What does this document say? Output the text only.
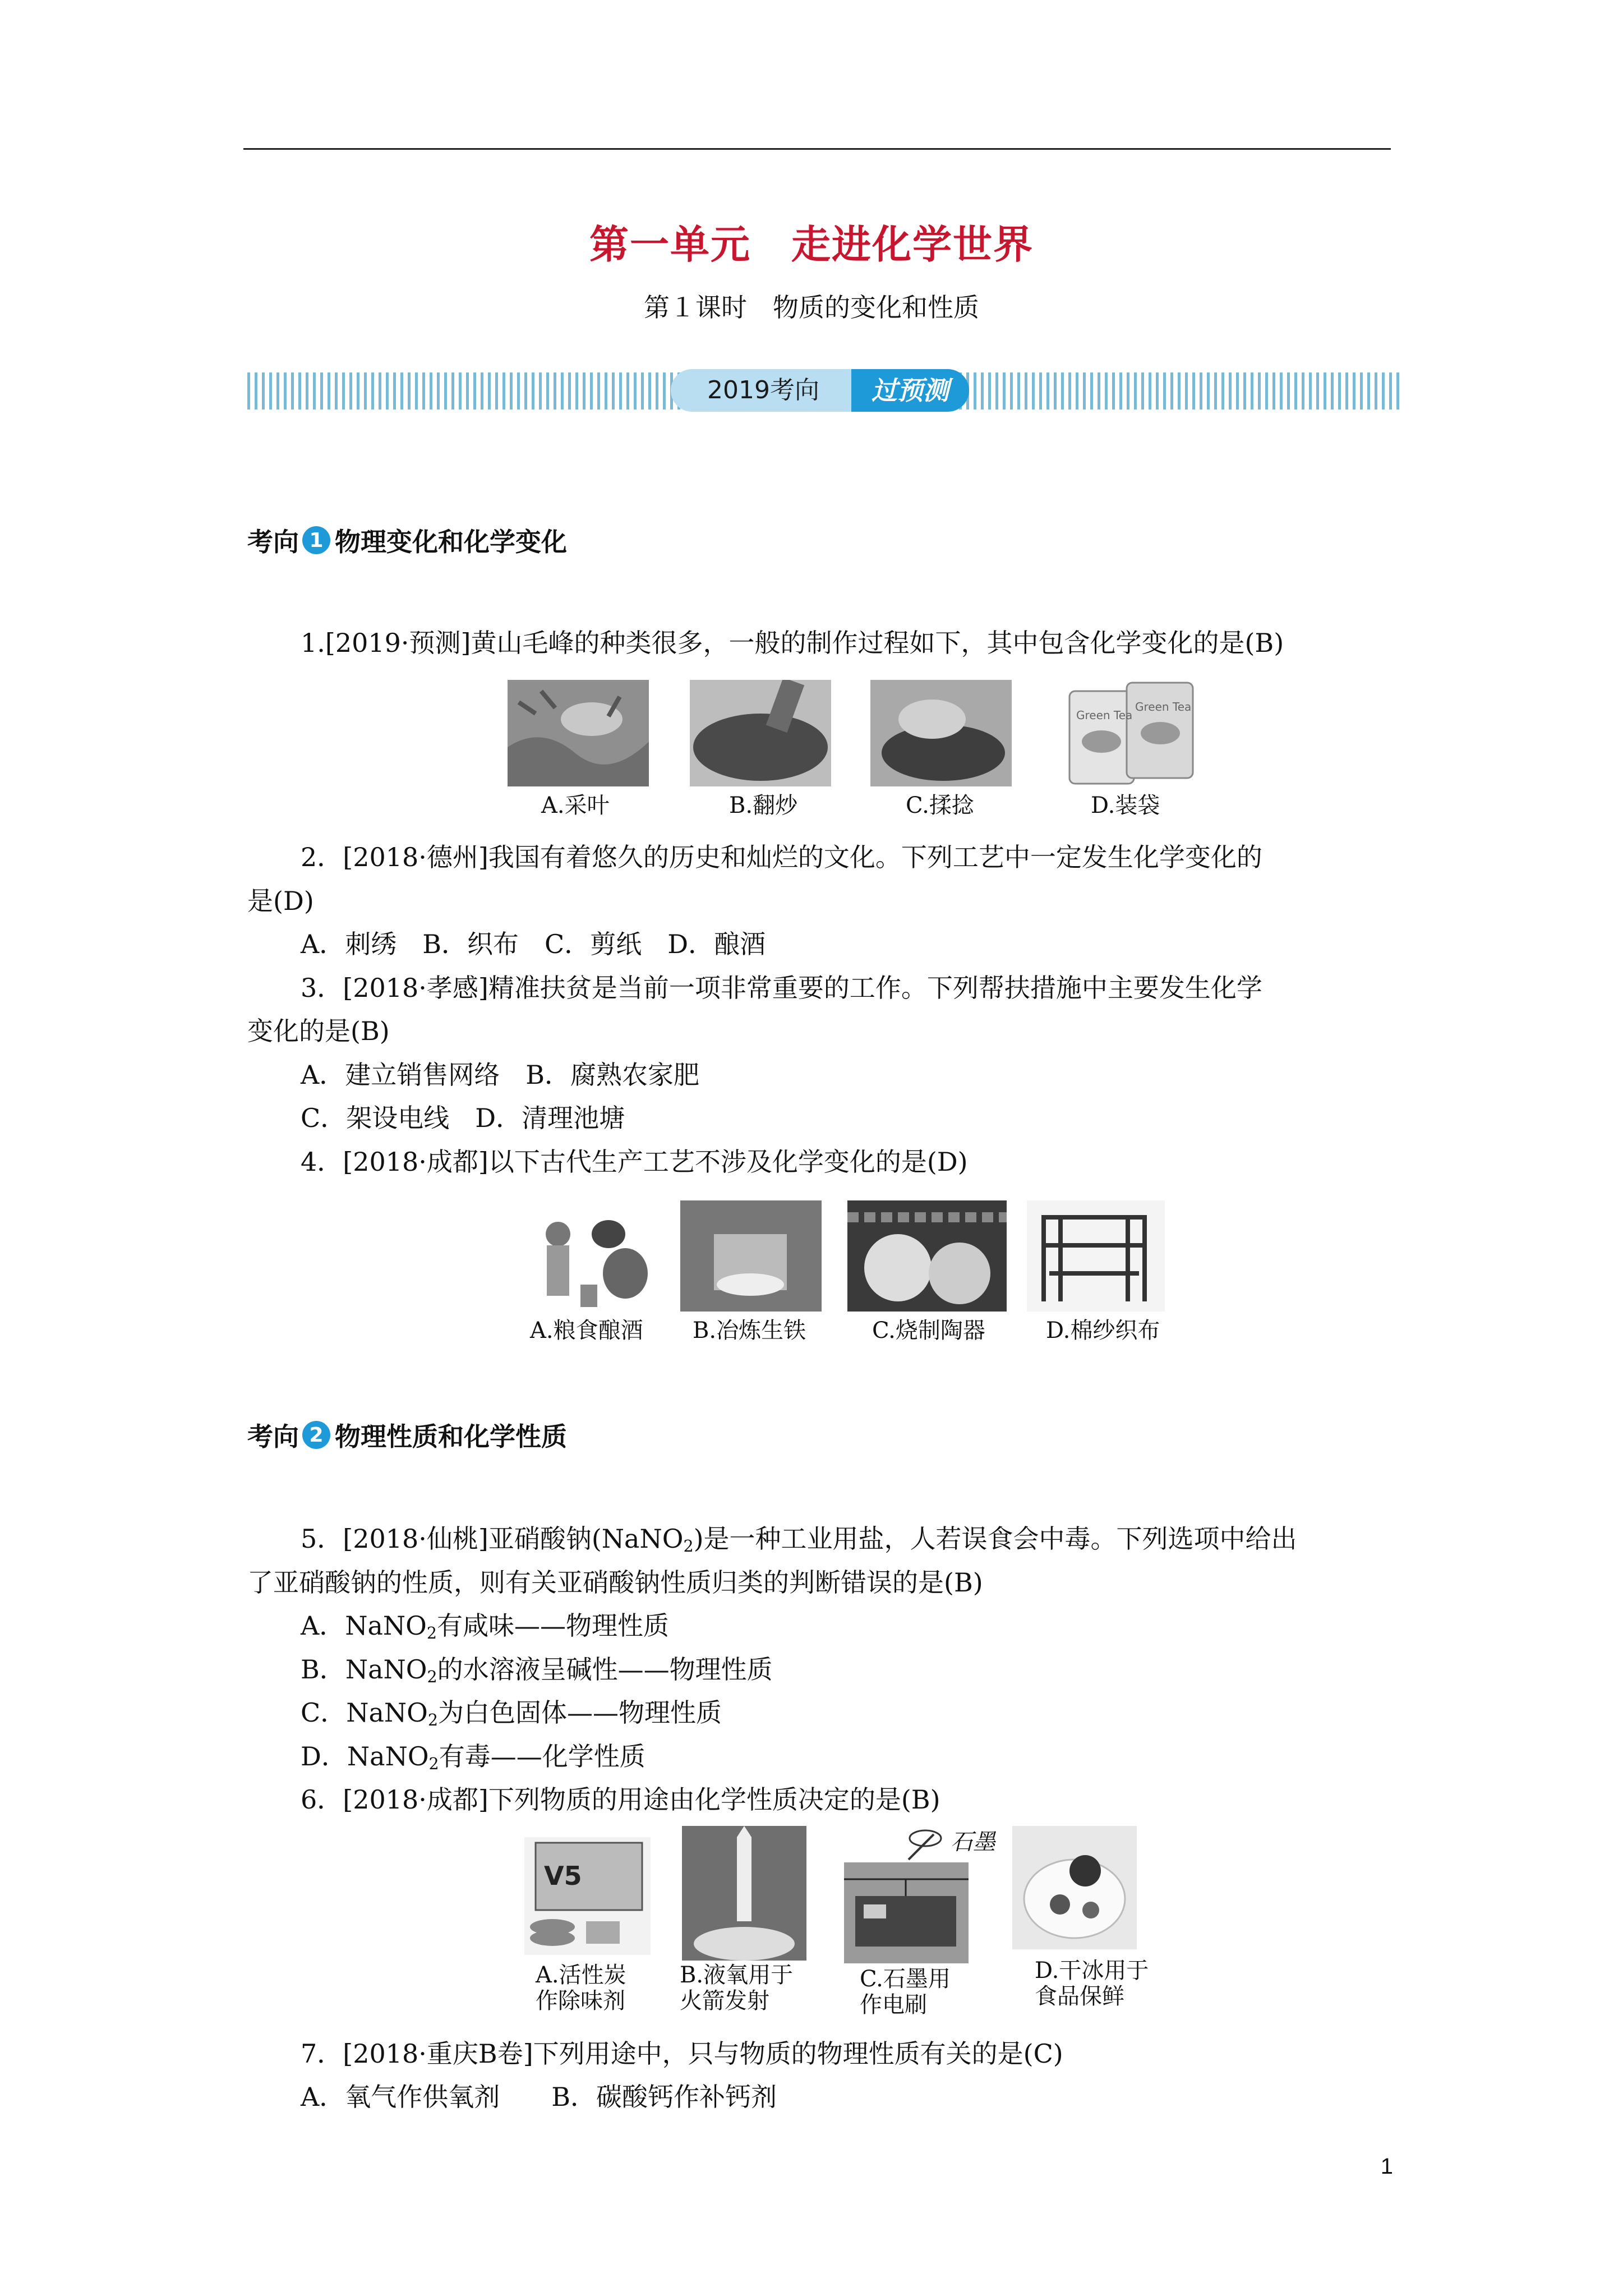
第一单元　走进化学世界
第１课时　物质的变化和性质
2019考向	过预测
考向 1 物理变化和化学变化
1.[2019·预测]黄山毛峰的种类很多，一般的制作过程如下，其中包含化学变化的是(B)
Green Tea
Green Tea
A.采叶	B.翻炒	C.揉捻	D.装袋
2．[2018·德州]我国有着悠久的历史和灿烂的文化。下列工艺中一定发生化学变化的
是(D)
A．刺绣　B．织布　C．剪纸　D．酿酒
3．[2018·孝感]精准扶贫是当前一项非常重要的工作。下列帮扶措施中主要发生化学
变化的是(B)
A．建立销售网络　B．腐熟农家肥
C．架设电线　D．清理池塘
4．[2018·成都]以下古代生产工艺不涉及化学变化的是(D)
A.粮食酿酒 B.冶炼生铁	C.烧制陶器	D.棉纱织布
考向 2 物理性质和化学性质
5．[2018·仙桃]亚硝酸钠(NaNO$_2$)是一种工业用盐，人若误食会中毒。下列选项中给出
了亚硝酸钠的性质，则有关亚硝酸钠性质归类的判断错误的是(B)
A．NaNO$_2$有咸味——物理性质
B．NaNO$_2$的水溶液呈碱性——物理性质
C．NaNO$_2$为白色固体——物理性质
D．NaNO$_2$有毒——化学性质
6．[2018·成都]下列物质的用途由化学性质决定的是(B)
V5
石墨
A.活性炭
作除味剂
B.液氧用于
火箭发射
C.石墨用
作电刷
D.干冰用于
食品保鲜
7．[2018·重庆B卷]下列用途中，只与物质的物理性质有关的是(C)
A．氧气作供氧剂　　B．碳酸钙作补钙剂
1
